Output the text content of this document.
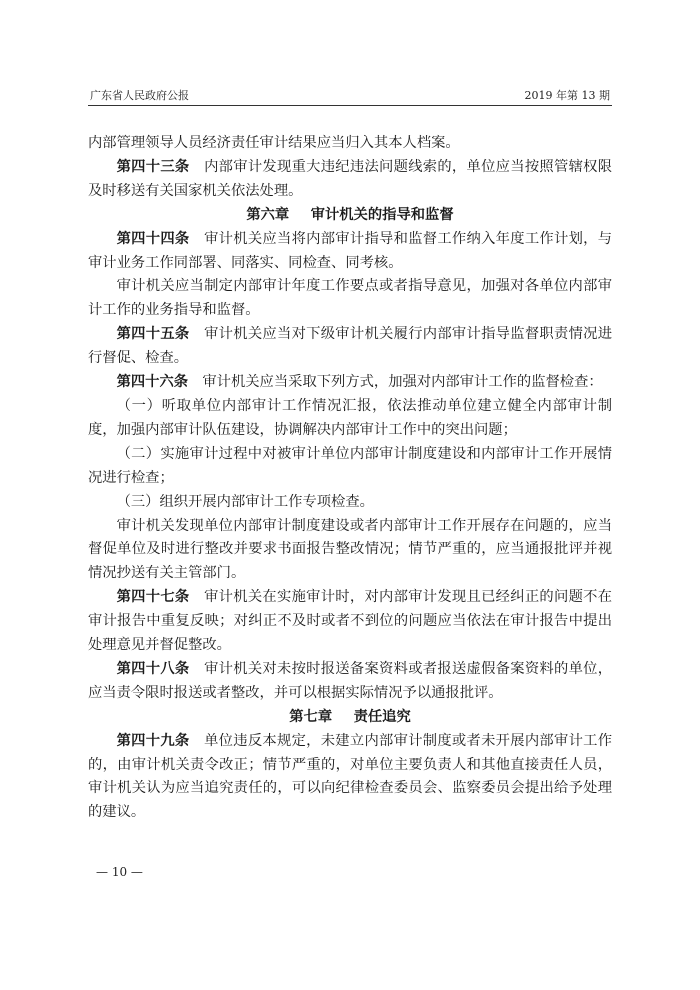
广东省人民政府公报	2019 年第 13 期

内部管理领导人员经济责任审计结果应当归入其本人档案。

第四十三条　 内部审计发现重大违纪违法问题线索的，单位应当按照管辖权限及时移送有关国家机关依法处理。

第六章 审计机关的指导和监督

第四十四条　 审计机关应当将内部审计指导和监督工作纳入年度工作计划，与审计业务工作同部署、同落实、同检查、同考核。

审计机关应当制定内部审计年度工作要点或者指导意见，加强对各单位内部审计工作的业务指导和监督。

第四十五条　 审计机关应当对下级审计机关履行内部审计指导监督职责情况进行督促、检查。

第四十六条　 审计机关应当采取下列方式，加强对内部审计工作的监督检查：

（一）听取单位内部审计工作情况汇报，依法推动单位建立健全内部审计制度，加强内部审计队伍建设，协调解决内部审计工作中的突出问题；

（二）实施审计过程中对被审计单位内部审计制度建设和内部审计工作开展情况进行检查；

（三）组织开展内部审计工作专项检查。

审计机关发现单位内部审计制度建设或者内部审计工作开展存在问题的，应当督促单位及时进行整改并要求书面报告整改情况；情节严重的，应当通报批评并视情况抄送有关主管部门。

第四十七条　 审计机关在实施审计时，对内部审计发现且已经纠正的问题不在审计报告中重复反映；对纠正不及时或者不到位的问题应当依法在审计报告中提出处理意见并督促整改。

第四十八条　 审计机关对未按时报送备案资料或者报送虚假备案资料的单位，应当责令限时报送或者整改，并可以根据实际情况予以通报批评。

第七章 责任追究

第四十九条　 单位违反本规定，未建立内部审计制度或者未开展内部审计工作的，由审计机关责令改正；情节严重的，对单位主要负责人和其他直接责任人员，审计机关认为应当追究责任的，可以向纪律检查委员会、监察委员会提出给予处理的建议。

— 10 —
